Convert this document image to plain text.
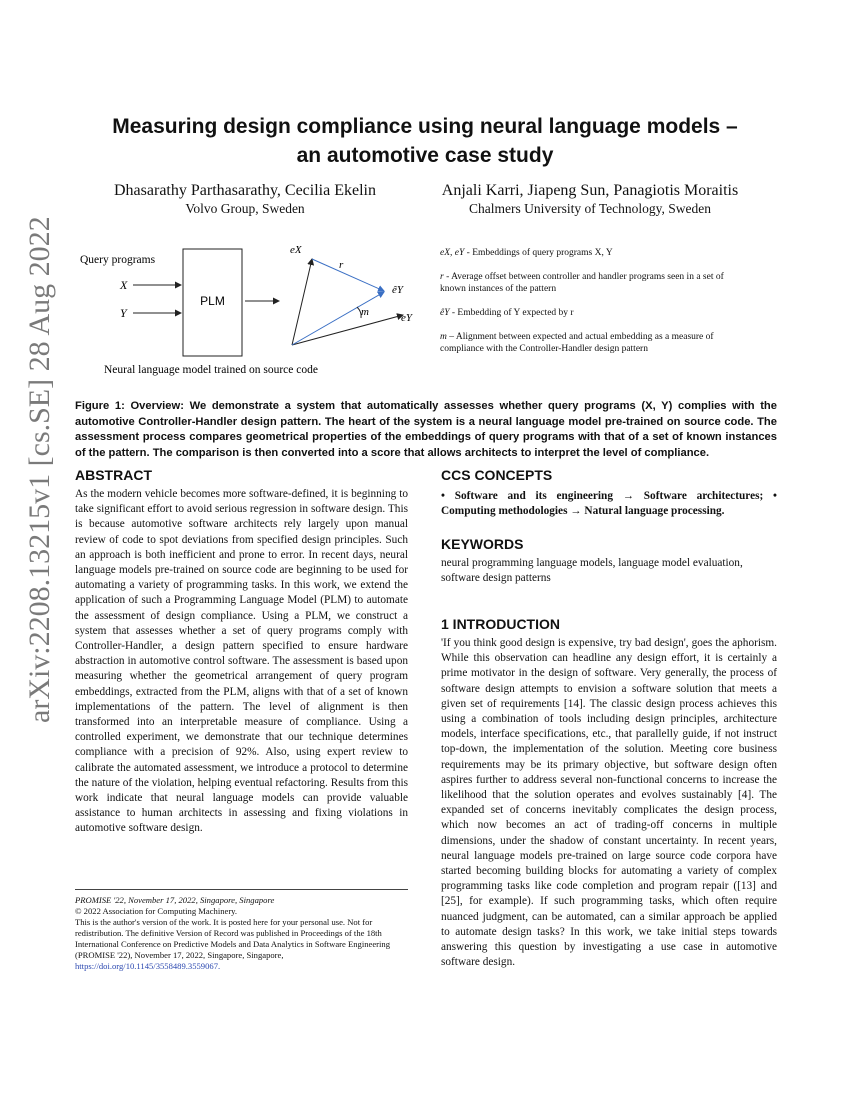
arXiv:2208.13215v1 [cs.SE] 28 Aug 2022
Measuring design compliance using neural language models –
an automotive case study
Dhasarathy Parthasarathy, Cecilia Ekelin
Volvo Group, Sweden
Anjali Karri, Jiapeng Sun, Panagiotis Moraitis
Chalmers University of Technology, Sweden
Query programs
X
Y
PLM
eX
r
êY
m	eY
Neural language model trained on source code
eX, eY - Embeddings of query programs X, Y
r - Average offset between controller and handler programs seen in a set of known instances of the pattern
êY - Embedding of Y expected by r
m – Alignment between expected and actual embedding as a measure of compliance with the Controller-Handler design pattern
Figure 1: Overview: We demonstrate a system that automatically assesses whether query programs (X, Y) complies with the automotive Controller-Handler design pattern. The heart of the system is a neural language model pre-trained on source code. The assessment process compares geometrical properties of the embeddings of query programs with that of a set of known instances of the pattern. The comparison is then converted into a score that allows architects to interpret the level of compliance.
ABSTRACT
As the modern vehicle becomes more software-defined, it is beginning to take significant effort to avoid serious regression in software design. This is because automotive software architects rely largely upon manual review of code to spot deviations from specified design principles. Such an approach is both inefficient and prone to error. In recent days, neural language models pre-trained on source code are beginning to be used for automating a variety of programming tasks. In this work, we extend the application of such a Programming Language Model (PLM) to automate the assessment of design compliance. Using a PLM, we construct a system that assesses whether a set of query programs comply with Controller-Handler, a design pattern specified to ensure hardware abstraction in automotive control software. The assessment is based upon measuring whether the geometrical arrangement of query program embeddings, extracted from the PLM, aligns with that of a set of known implementations of the pattern. The level of alignment is then transformed into an interpretable measure of compliance. Using a controlled experiment, we demonstrate that our technique determines compliance with a precision of 92%. Also, using expert review to calibrate the automated assessment, we introduce a protocol to determine the nature of the violation, helping eventual refactoring. Results from this work indicate that neural language models can provide valuable assistance to human architects in assessing and fixing violations in automotive software design.
PROMISE '22, November 17, 2022, Singapore, Singapore
© 2022 Association for Computing Machinery.
This is the author's version of the work. It is posted here for your personal use. Not for redistribution. The definitive Version of Record was published in Proceedings of the 18th International Conference on Predictive Models and Data Analytics in Software Engineering (PROMISE '22), November 17, 2022, Singapore, Singapore, https://doi.org/10.1145/3558489.3559067.
CCS CONCEPTS
• Software and its engineering → Software architectures; • Computing methodologies → Natural language processing.
KEYWORDS
neural programming language models, language model evaluation, software design patterns
1 INTRODUCTION
'If you think good design is expensive, try bad design', goes the aphorism. While this observation can headline any design effort, it is certainly a prime motivator in the design of software. Very generally, the process of software design attempts to envision a software solution that meets a given set of requirements [14]. The classic design process achieves this using a combination of tools including design principles, architecture models, interface specifications, etc., that parallelly guide, if not instruct top-down, the implementation of the solution. Meeting core business requirements may be its primary objective, but software design often aspires further to address several non-functional concerns to increase the likelihood that the solution operates and evolves sustainably [4]. The expanded set of concerns inevitably complicates the design process, which now becomes an act of trading-off concerns in multiple dimensions, under the shadow of constant uncertainty. In recent years, neural language models pre-trained on large source code corpora have started becoming building blocks for automating a variety of complex programming tasks like code completion and program repair ([13] and [25], for example). If such programming tasks, which often require nuanced judgment, can be automated, can a similar approach be applied to automate design tasks? In this work, we take initial steps towards answering this question by investigating a use case in automotive software design.
